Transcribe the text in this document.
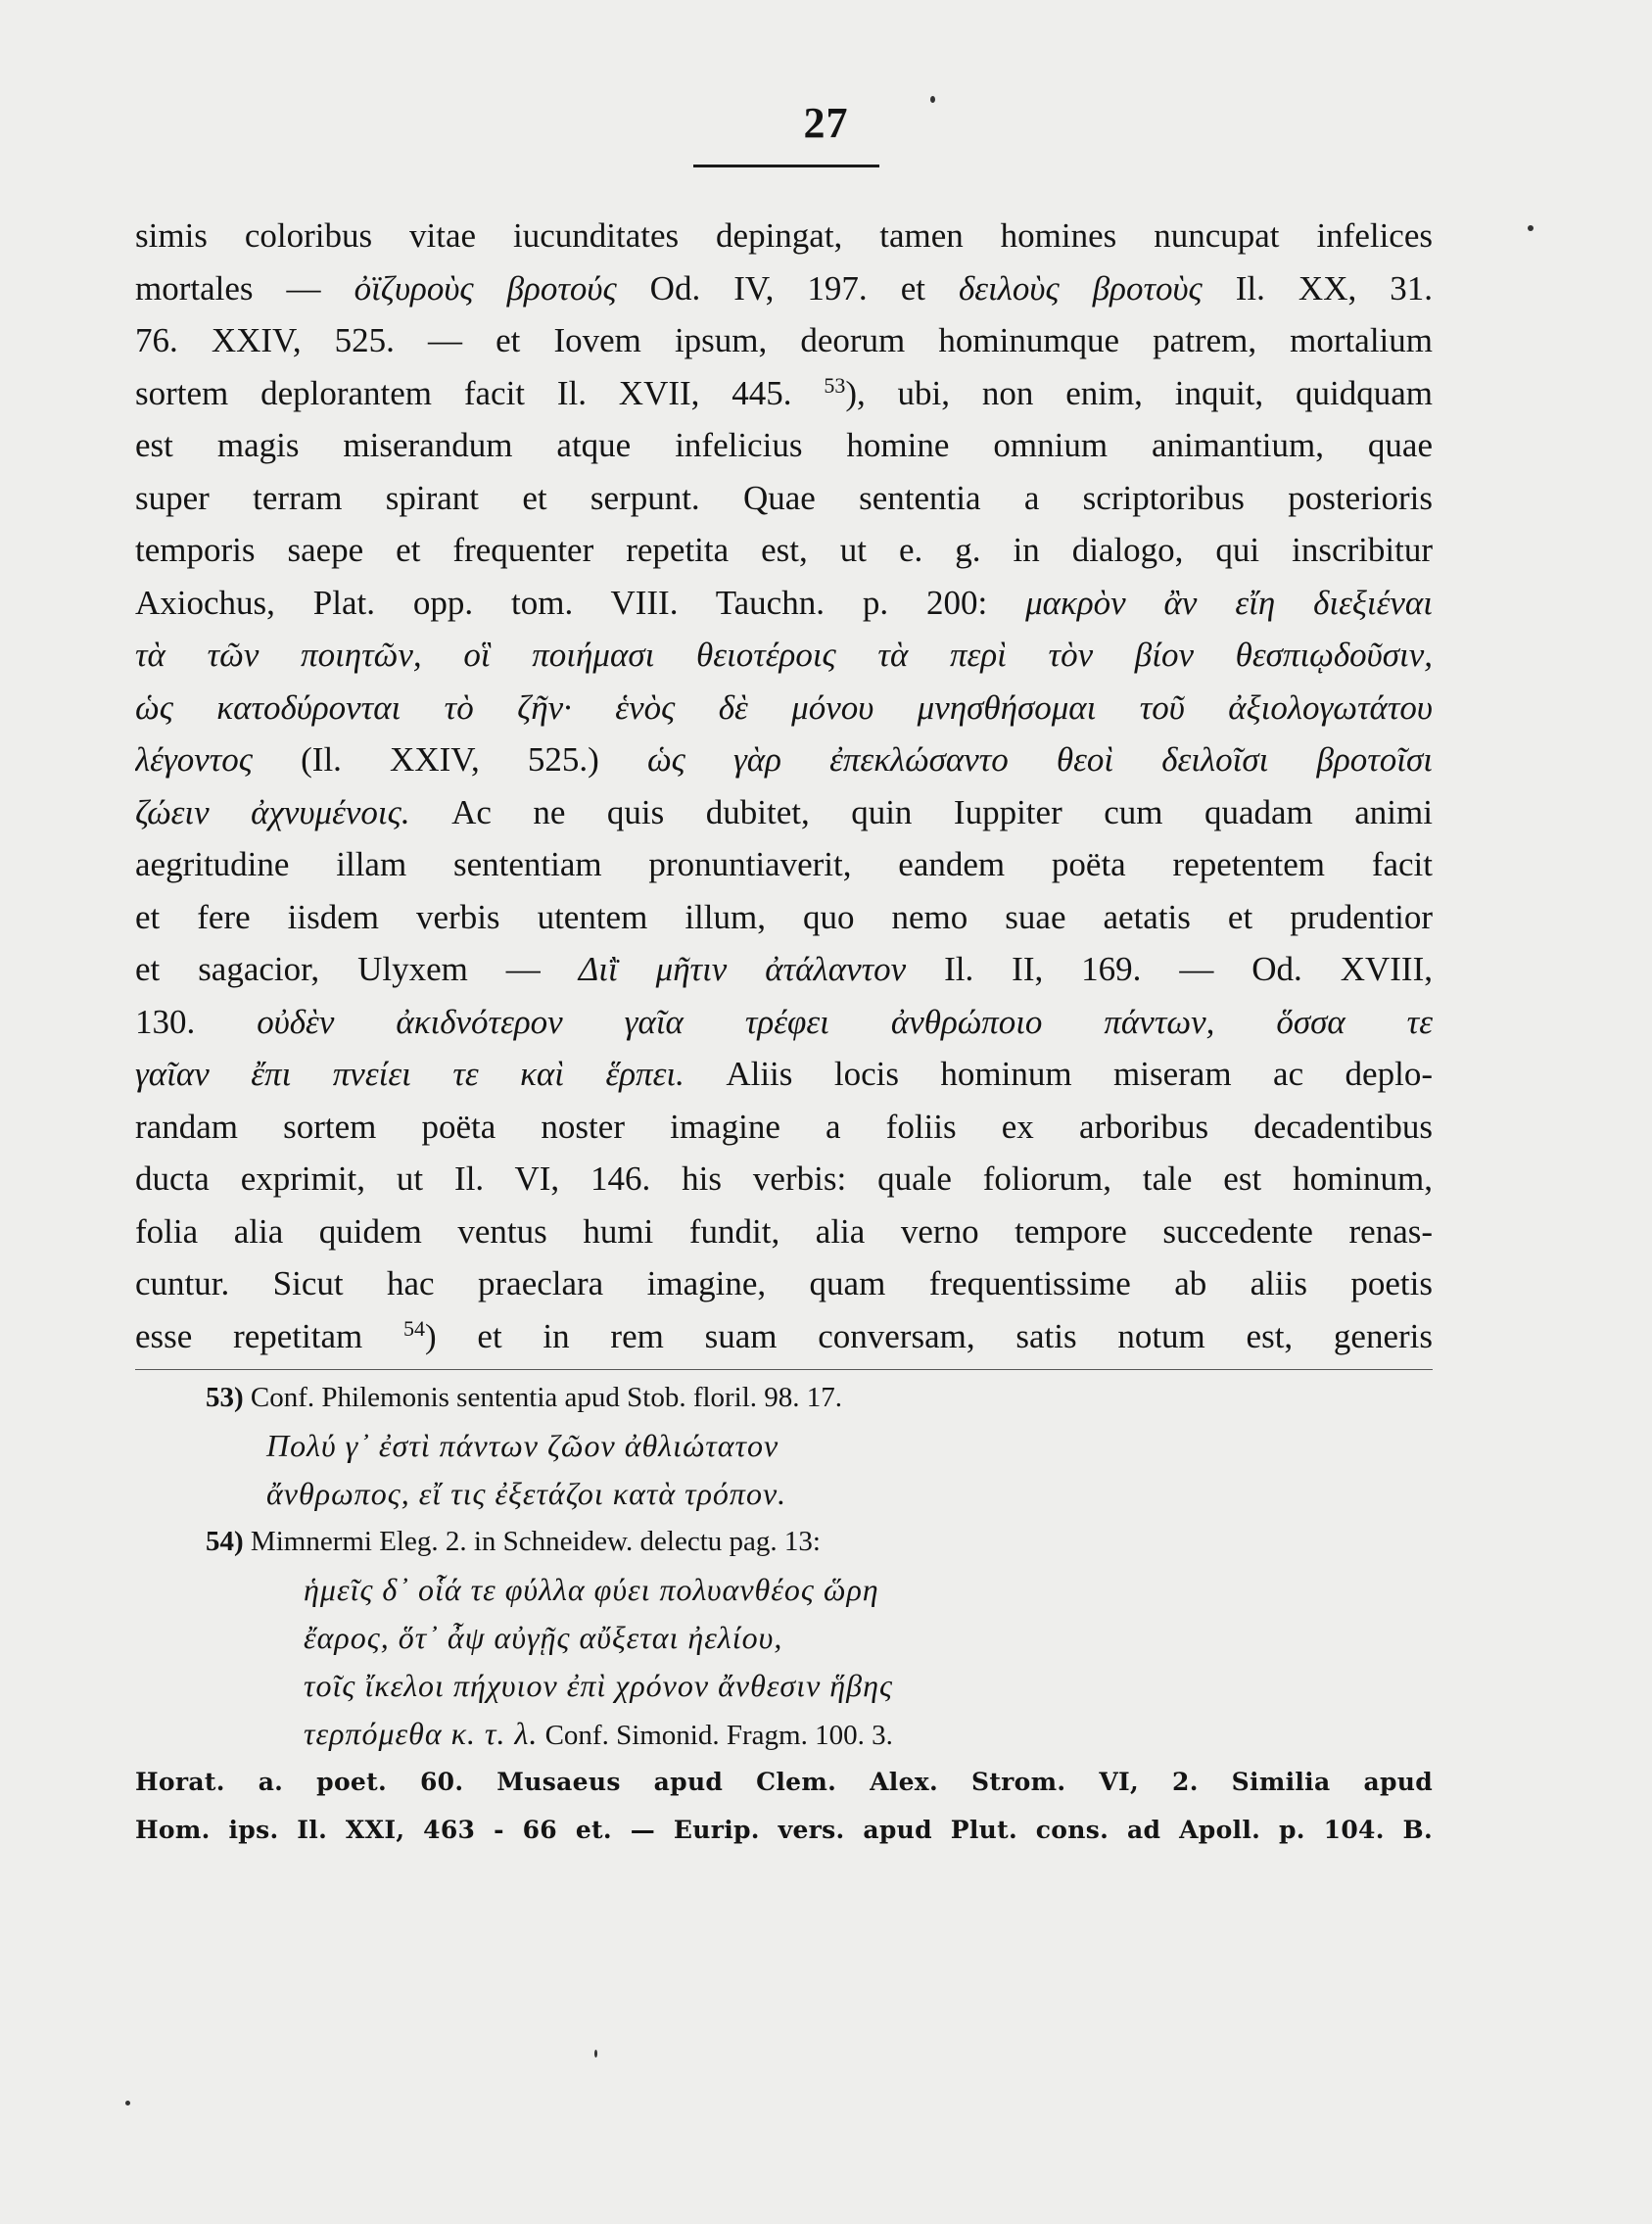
27
simis coloribus vitae iucunditates depingat, tamen homines nuncupat infelices
mortales — ὀϊζυροὺς βροτούς Od. IV, 197. et δειλοὺς βροτοὺς Il. XX, 31.
76. XXIV, 525. — et Iovem ipsum, deorum hominumque patrem, mortalium
sortem deplorantem facit Il. XVII, 445. $^{53}$), ubi, non enim, inquit, quidquam
est magis miserandum atque infelicius homine omnium animantium, quae
super terram spirant et serpunt. Quae sententia a scriptoribus posterioris
temporis saepe et frequenter repetita est, ut e. g. in dialogo, qui inscribitur
Axiochus, Plat. opp. tom. VIII. Tauchn. p. 200: μακρὸν ἂν εἴη διεξιέναι
τὰ τῶν ποιητῶν, οἳ ποιήμασι θειοτέροις τὰ περὶ τὸν βίον θεσπιῳδοῦσιν,
ὡς κατοδύρονται τὸ ζῆν· ἑνὸς δὲ μόνου μνησθήσομαι τοῦ ἀξιολογωτάτου
λέγοντος (Il. XXIV, 525.) ὡς γὰρ ἐπεκλώσαντο θεοὶ δειλοῖσι βροτοῖσι
ζώειν ἀχνυμένοις. Ac ne quis dubitet, quin Iuppiter cum quadam animi
aegritudine illam sententiam pronuntiaverit, eandem poëta repetentem facit
et fere iisdem verbis utentem illum, quo nemo suae aetatis et prudentior
et sagacior, Ulyxem — Διῒ μῆτιν ἀτάλαντον Il. II, 169. — Od. XVIII,
130. οὐδὲν ἀκιδνότερον γαῖα τρέφει ἀνθρώποιο πάντων, ὅσσα τε
γαῖαν ἔπι πνείει τε καὶ ἕρπει. Aliis locis hominum miseram ac deplo-
randam sortem poëta noster imagine a foliis ex arboribus decadentibus
ducta exprimit, ut Il. VI, 146. his verbis: quale foliorum, tale est hominum,
folia alia quidem ventus humi fundit, alia verno tempore succedente renas-
cuntur. Sicut hac praeclara imagine, quam frequentissime ab aliis poetis
esse repetitam $^{54}$) et in rem suam conversam, satis notum est, generis
53) Conf. Philemonis sententia apud Stob. floril. 98. 17.
Πολύ γ᾽ ἐστὶ πάντων ζῶον ἀθλιώτατον
ἄνθρωπος, εἴ τις ἐξετάζοι κατὰ τρόπον.
54) Mimnermi Eleg. 2. in Schneidew. delectu pag. 13:
ἡμεῖς δ᾽ οἷά τε φύλλα φύει πολυανθέος ὥρη
ἔαρος, ὅτ᾽ ἆψ αὐγῇς αὔξεται ἠελίου,
τοῖς ἴκελοι πήχυιον ἐπὶ χρόνον ἄνθεσιν ἥβης
τερπόμεθα κ. τ. λ. Conf. Simonid. Fragm. 100. 3.
Horat. a. poet. 60. Musaeus apud Clem. Alex. Strom. VI, 2. Similia apud
Hom. ips. Il. XXI, 463 - 66 et. — Eurip. vers. apud Plut. cons. ad Apoll. p. 104. B.
